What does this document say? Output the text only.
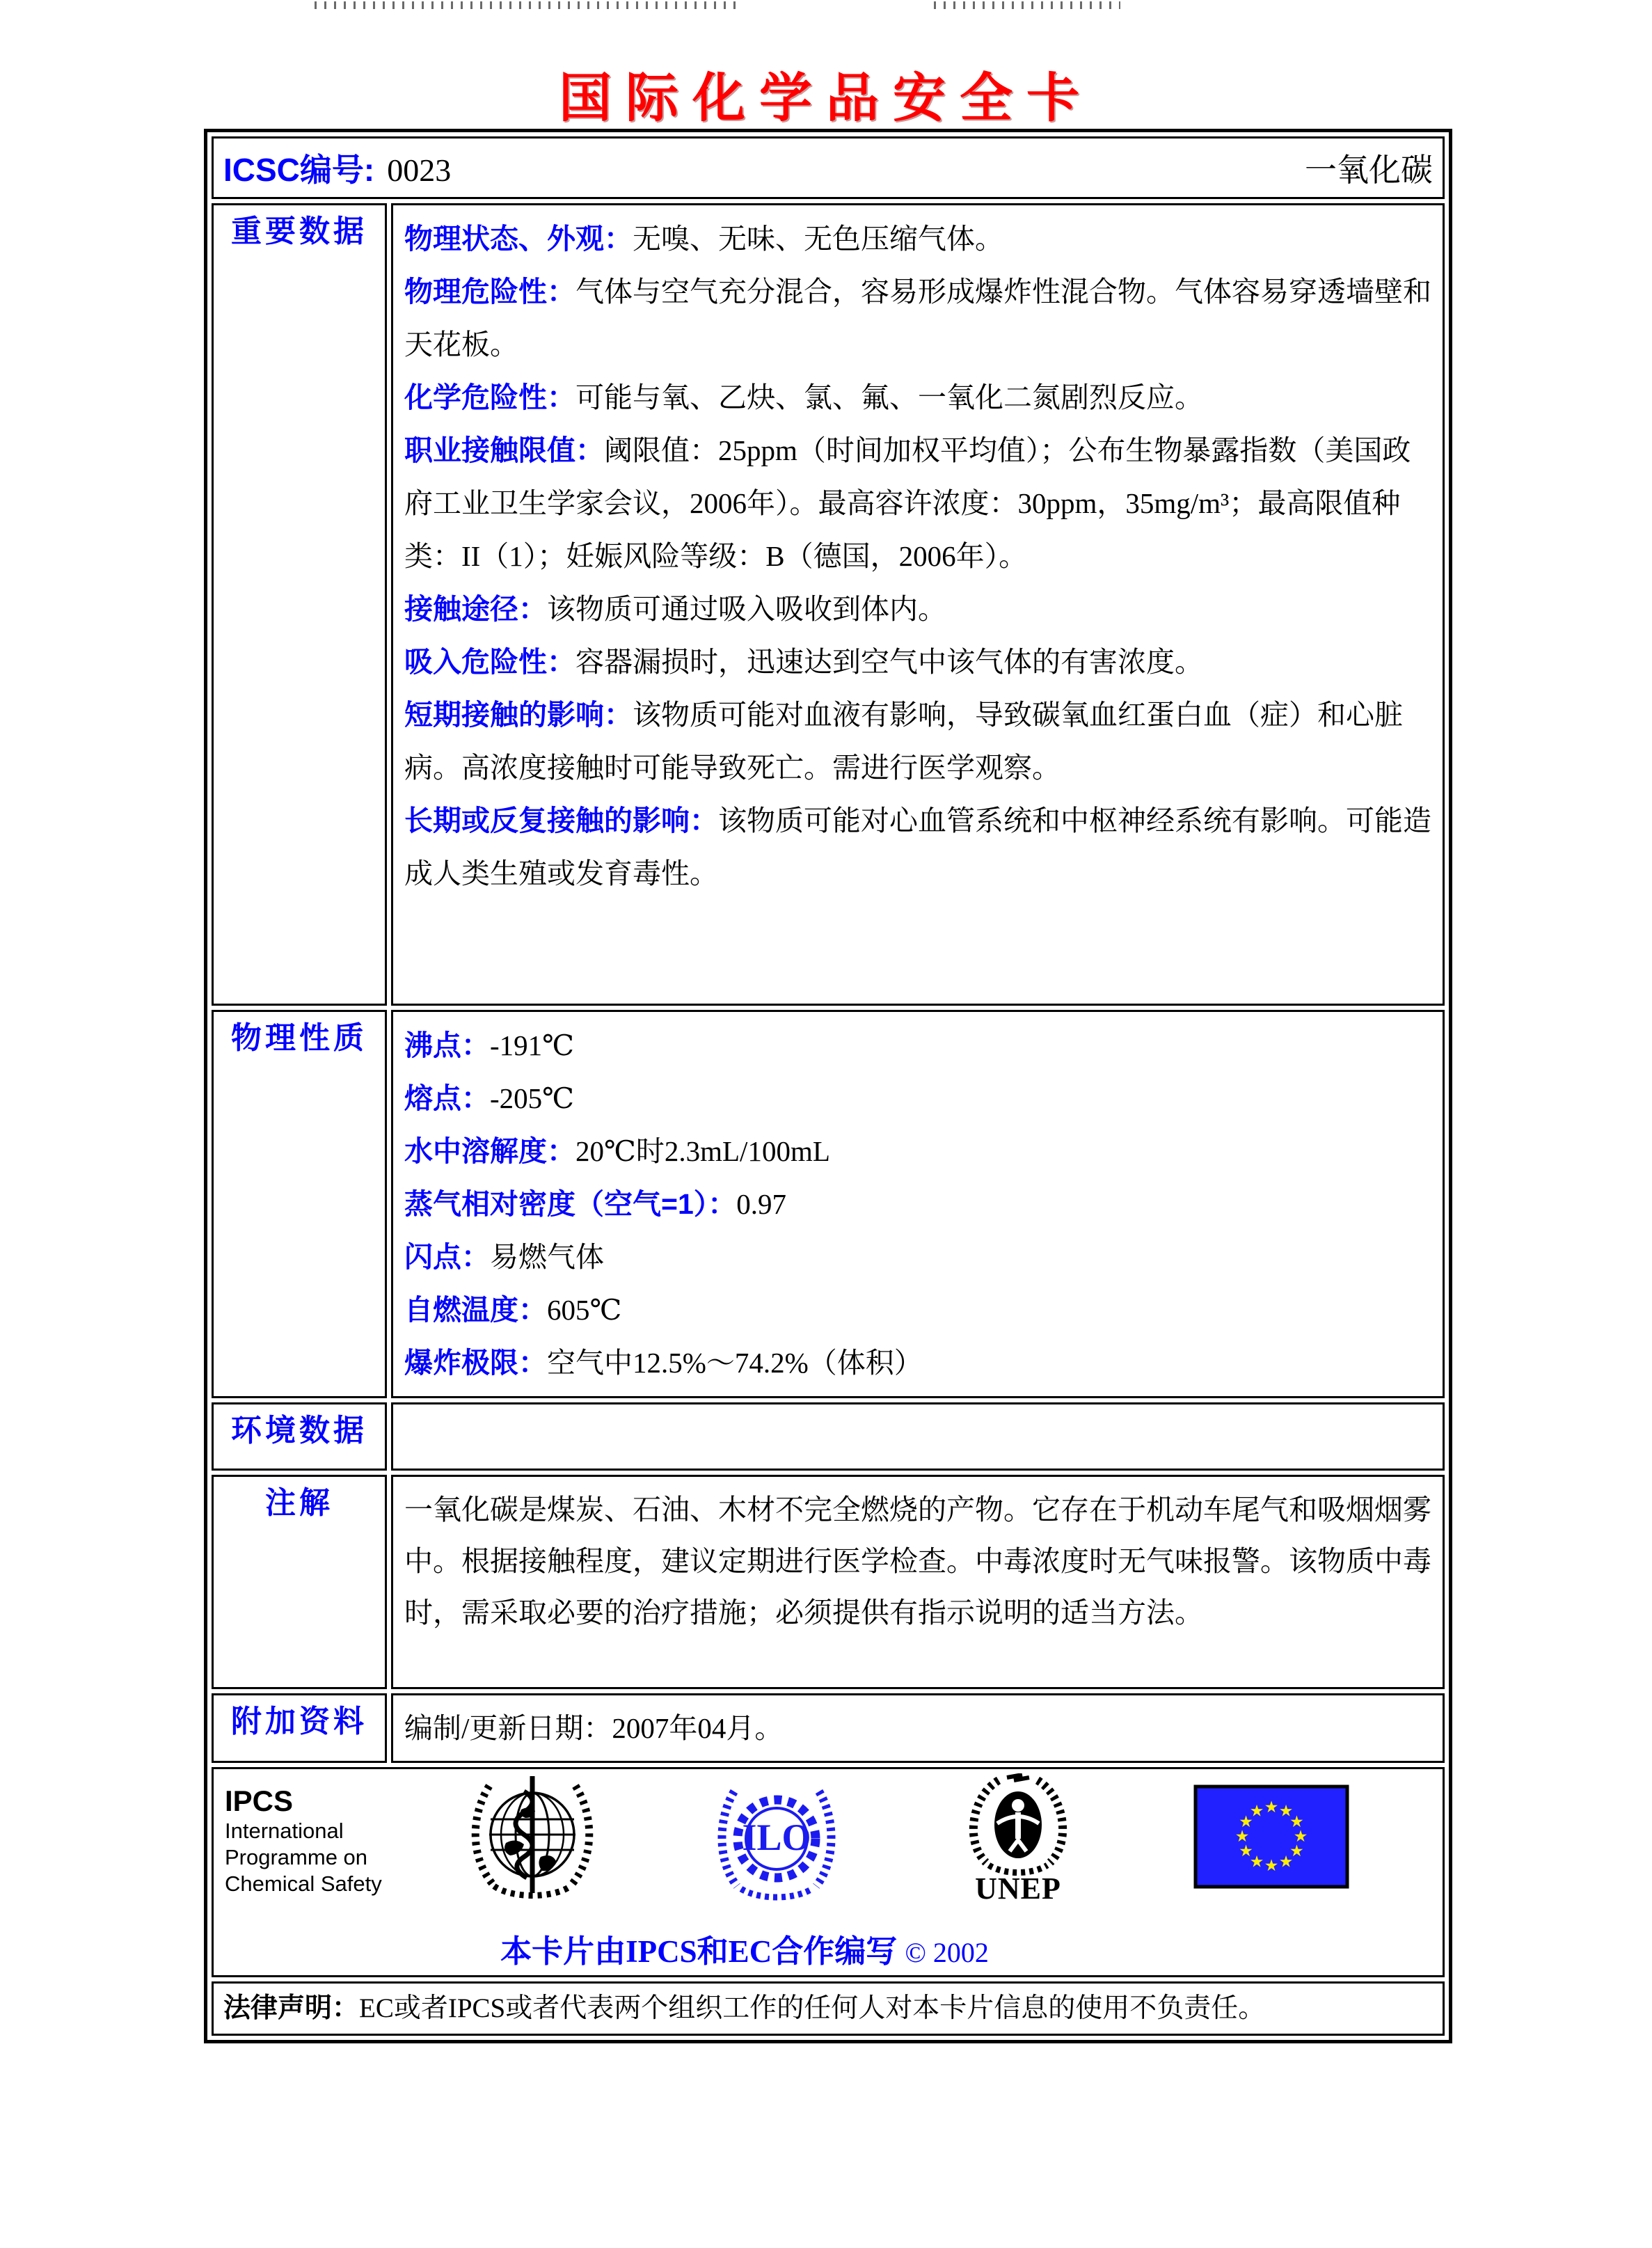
国际化学品安全卡
ICSC编号: 0023 一氧化碳	

重要数据	物理状态、外观：无嗅、无味、无色压缩气体。
物理危险性：气体与空气充分混合，容易形成爆炸性混合物。气体容易穿透墙壁和天花板。
化学危险性：可能与氧、乙炔、氯、氟、一氧化二氮剧烈反应。
职业接触限值：阈限值：25ppm（时间加权平均值）；公布生物暴露指数（美国政府工业卫生学家会议，2006年）。最高容许浓度：30ppm，35mg/m³；最高限值种类：II（1）；妊娠风险等级：B（德国，2006年）。
接触途径：该物质可通过吸入吸收到体内。
吸入危险性：容器漏损时，迅速达到空气中该气体的有害浓度。
短期接触的影响：该物质可能对血液有影响，导致碳氧血红蛋白血（症）和心脏病。高浓度接触时可能导致死亡。需进行医学观察。
长期或反复接触的影响：该物质可能对心血管系统和中枢神经系统有影响。可能造成人类生殖或发育毒性。

物理性质	沸点：-191℃
熔点：-205℃
水中溶解度：20℃时2.3mL/100mL
蒸气相对密度（空气=1）：0.97
闪点：易燃气体
自燃温度：605℃
爆炸极限：空气中12.5%～74.2%（体积）

环境数据	

注解	一氧化碳是煤炭、石油、木材不完全燃烧的产物。它存在于机动车尾气和吸烟烟雾中。根据接触程度，建议定期进行医学检查。中毒浓度时无气味报警。该物质中毒时，需采取必要的治疗措施；必须提供有指示说明的适当方法。

附加资料	编制/更新日期：2007年04月。

IPCS
International
Programme on
Chemical Safety
ILO
UNEP
★ ★
★
★
★
★
★
★
★
★
★
★
本卡片由IPCS和EC合作编写 © 2002

法律声明：EC或者IPCS或者代表两个组织工作的任何人对本卡片信息的使用不负责任。	
